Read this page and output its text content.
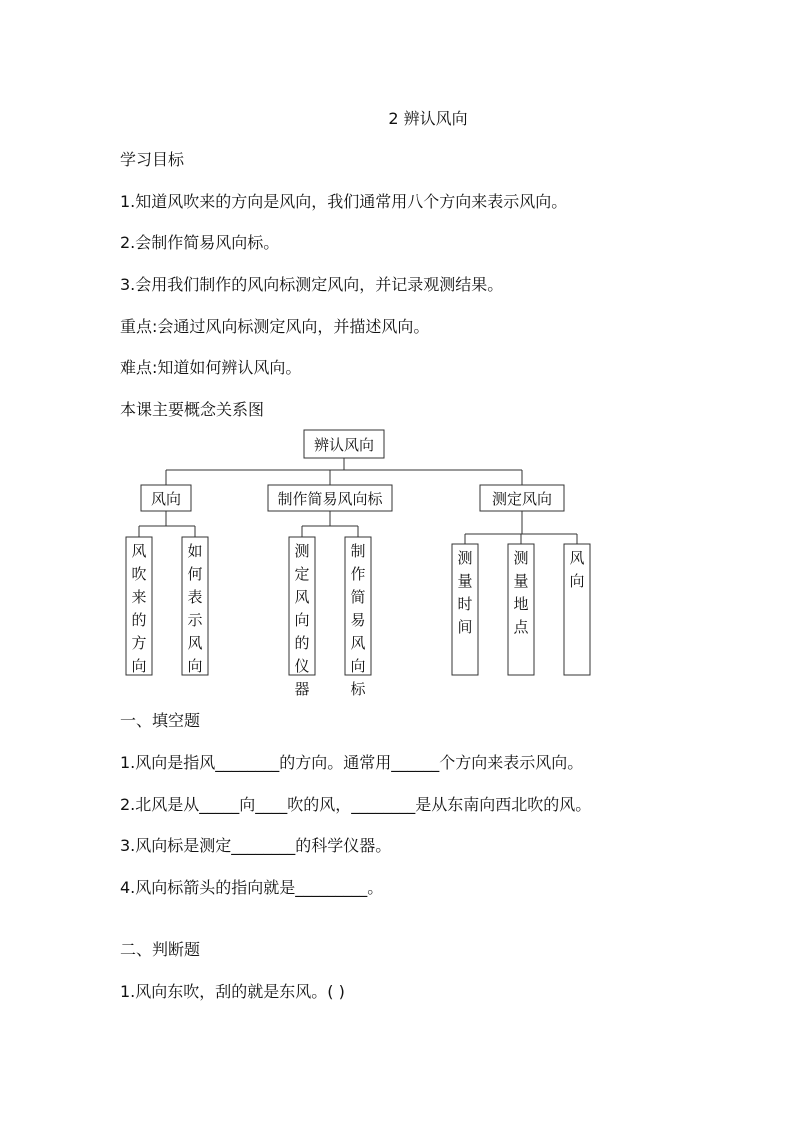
2 辨认风向
学习目标
1.知道风吹来的方向是风向，我们通常用八个方向来表示风向。
2.会制作简易风向标。
3.会用我们制作的风向标测定风向，并记录观测结果。
重点:会通过风向标测定风向，并描述风向。
难点:知道如何辨认风向。
本课主要概念关系图
辨认风向
风向	制作简易风向标	测定风向
风吹来的方向
如何表示风向
测定风向的仪器
制作简易风向标
测量时间
测量地点
风向
一、填空题
1.风向是指风________的方向。通常用______个方向来表示风向。
2.北风是从_____向____吹的风，________是从东南向西北吹的风。
3.风向标是测定________的科学仪器。
4.风向标箭头的指向就是_________。
二、判断题
1.风向东吹，刮的就是东风。( )
